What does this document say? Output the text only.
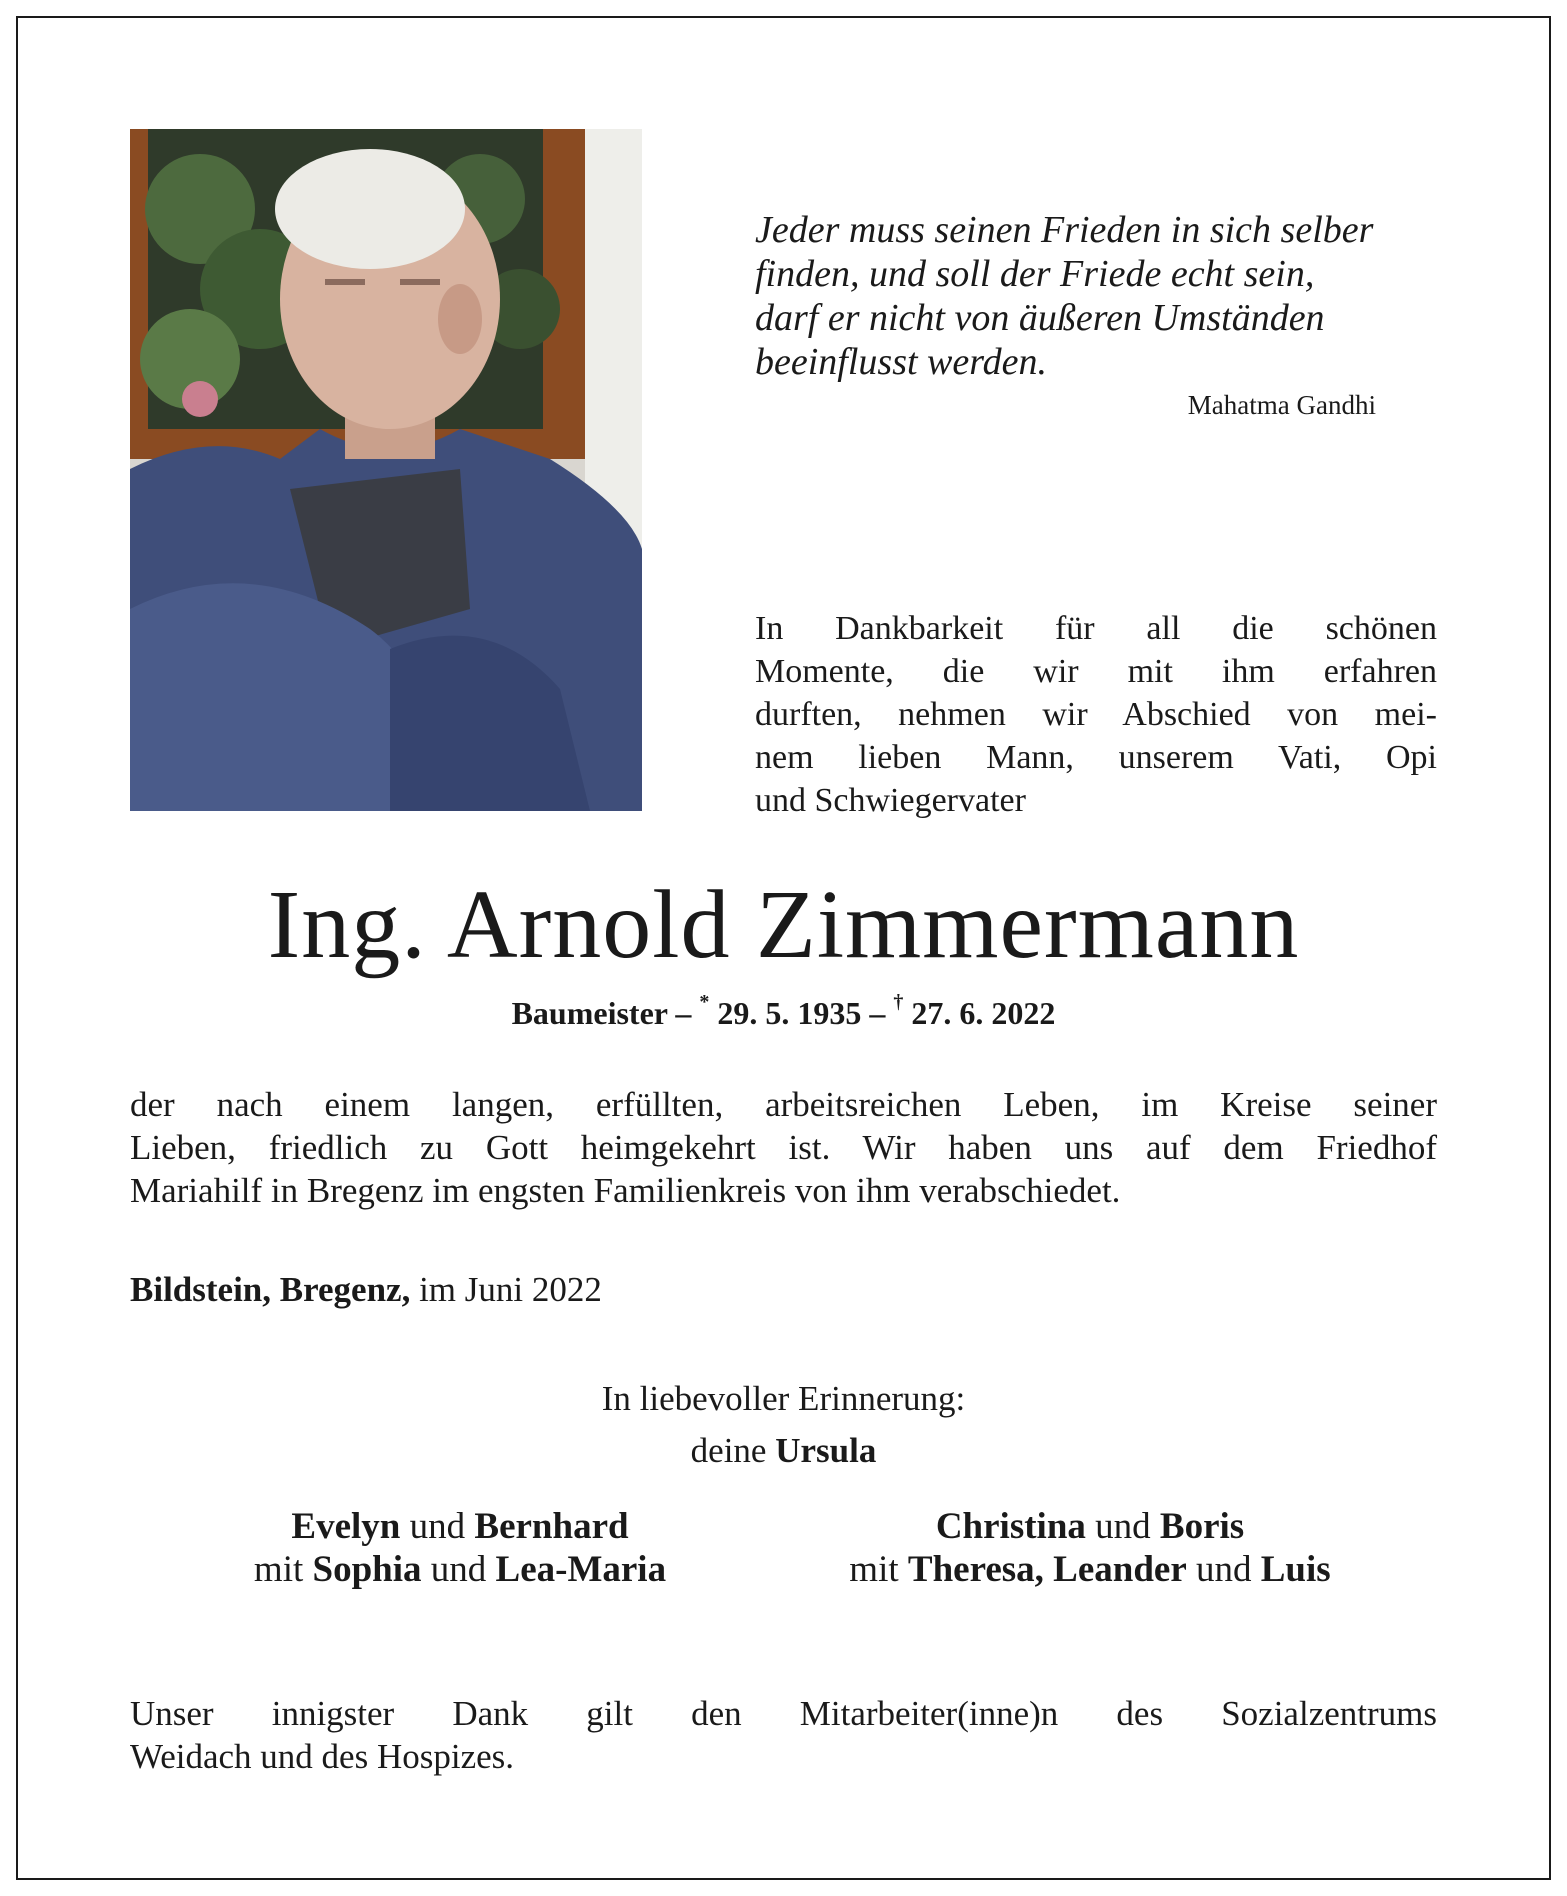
Jeder muss seinen Frieden in sich selber
finden, und soll der Friede echt sein,
darf er nicht von äußeren Umständen
beeinflusst werden.
Mahatma Gandhi
In Dankbarkeit für all die schönen
Momente, die wir mit ihm erfahren
durften, nehmen wir Abschied von mei-
nem lieben Mann, unserem Vati, Opi
und Schwiegervater
Ing. Arnold Zimmermann
Baumeister – * 29. 5. 1935 – † 27. 6. 2022
der nach einem langen, erfüllten, arbeitsreichen Leben, im Kreise seiner
Lieben, friedlich zu Gott heimgekehrt ist. Wir haben uns auf dem Friedhof
Mariahilf in Bregenz im engsten Familienkreis von ihm verabschiedet.
Bildstein, Bregenz, im Juni 2022
In liebevoller Erinnerung:
deine Ursula
Evelyn und Bernhard
mit Sophia und Lea-Maria
Christina und Boris
mit Theresa, Leander und Luis
Unser innigster Dank gilt den Mitarbeiter(inne)n des Sozialzentrums
Weidach und des Hospizes.
